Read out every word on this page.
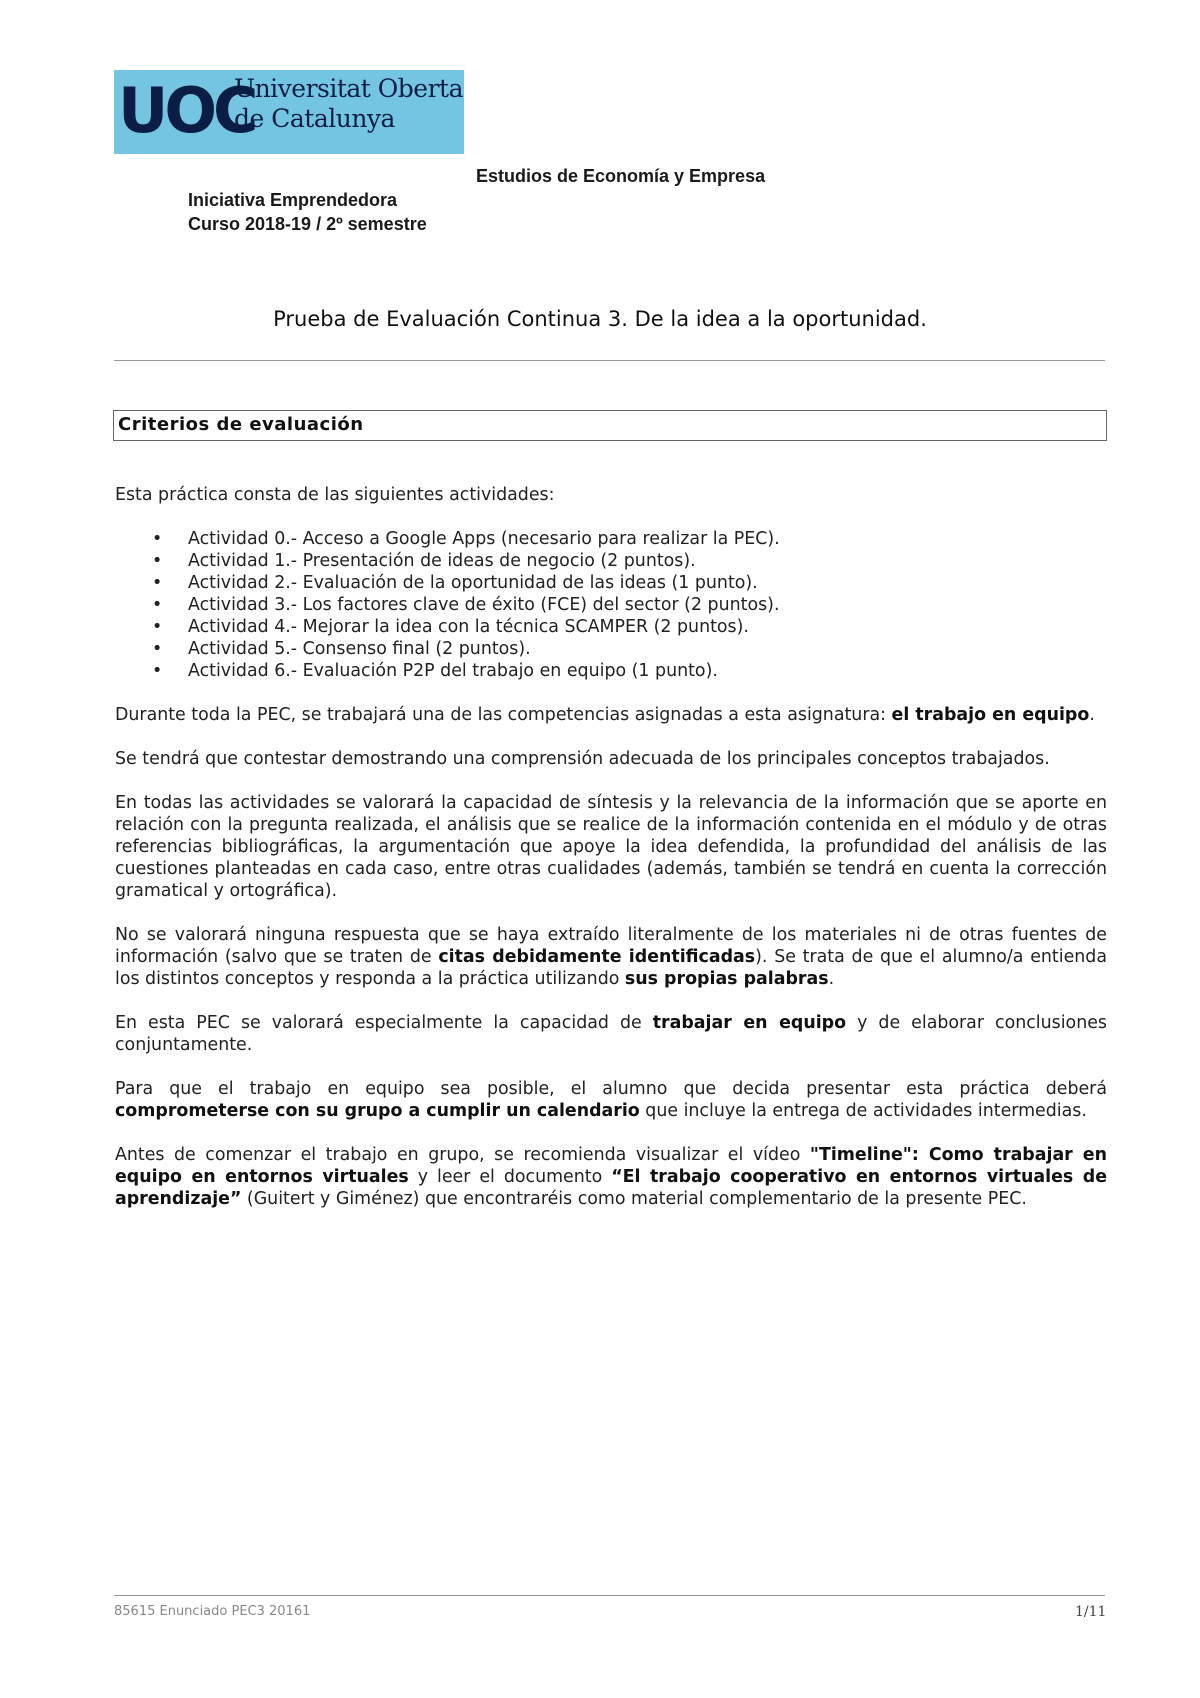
UOC
Universitat Oberta
de Catalunya
Estudios de Economía y Empresa
Iniciativa Emprendedora
Curso 2018-19 / 2º semestre
Prueba de Evaluación Continua 3. De la idea a la oportunidad.
Criterios de evaluación

Esta práctica consta de las siguientes actividades:

• Actividad 0.- Acceso a Google Apps (necesario para realizar la PEC).
• Actividad 1.- Presentación de ideas de negocio (2 puntos).
• Actividad 2.- Evaluación de la oportunidad de las ideas (1 punto).
• Actividad 3.- Los factores clave de éxito (FCE) del sector (2 puntos).
• Actividad 4.- Mejorar la idea con la técnica SCAMPER (2 puntos).
• Actividad 5.- Consenso final (2 puntos).
• Actividad 6.- Evaluación P2P del trabajo en equipo (1 punto).

Durante toda la PEC, se trabajará una de las competencias asignadas a esta asignatura: el trabajo en equipo.

Se tendrá que contestar demostrando una comprensión adecuada de los principales conceptos trabajados.

En todas las actividades se valorará la capacidad de síntesis y la relevancia de la información que se aporte en relación con la pregunta realizada, el análisis que se realice de la información contenida en el módulo y de otras referencias bibliográficas, la argumentación que apoye la idea defendida, la profundidad del análisis de las cuestiones planteadas en cada caso, entre otras cualidades (además, también se tendrá en cuenta la corrección gramatical y ortográfica).

No se valorará ninguna respuesta que se haya extraído literalmente de los materiales ni de otras fuentes de información (salvo que se traten de citas debidamente identificadas). Se trata de que el alumno/a entienda los distintos conceptos y responda a la práctica utilizando sus propias palabras.

En esta PEC se valorará especialmente la capacidad de trabajar en equipo y de elaborar conclusiones conjuntamente.

Para que el trabajo en equipo sea posible, el alumno que decida presentar esta práctica deberá comprometerse con su grupo a cumplir un calendario que incluye la entrega de actividades intermedias.

Antes de comenzar el trabajo en grupo, se recomienda visualizar el vídeo "Timeline": Como trabajar en equipo en entornos virtuales y leer el documento “El trabajo cooperativo en entornos virtuales de aprendizaje” (Guitert y Giménez) que encontraréis como material complementario de la presente PEC.

85615 Enunciado PEC3 20161	1/11
